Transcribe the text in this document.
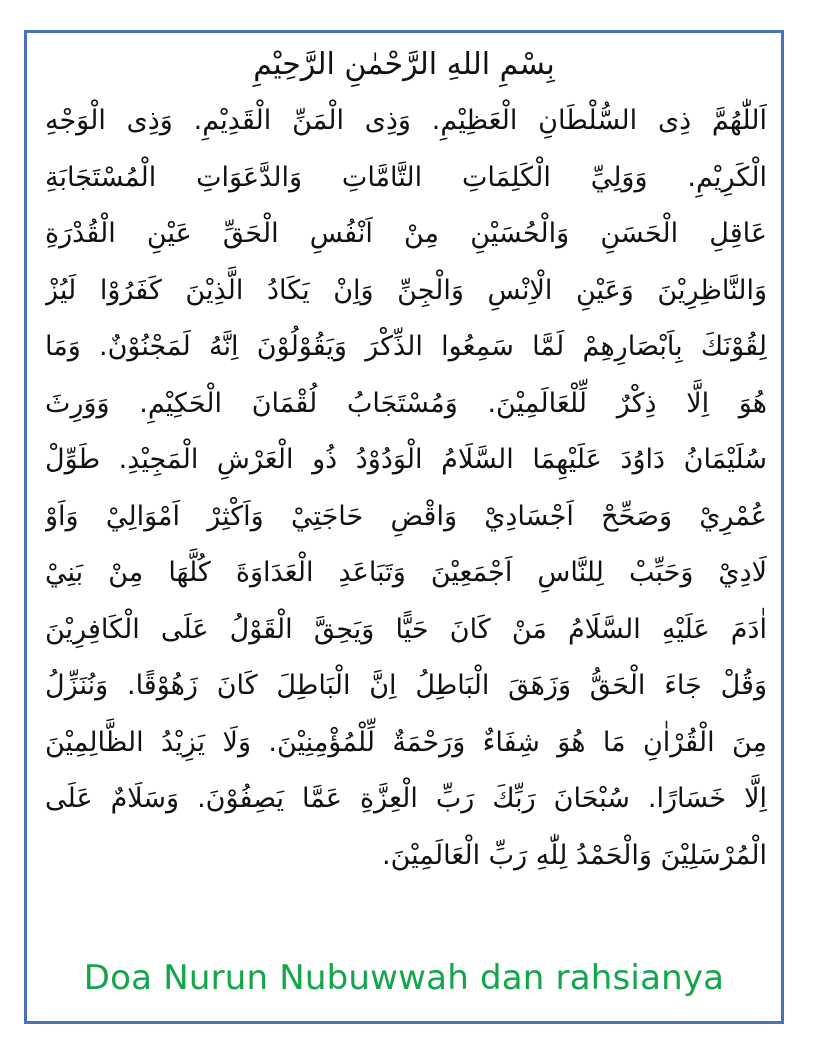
بِسْمِ اللهِ الرَّحْمٰنِ الرَّحِيْمِ
اَللّٰهُمَّ ذِى السُّلْطَانِ الْعَظِيْمِ. وَذِى الْمَنِّ الْقَدِيْمِ. وَذِى الْوَجْهِ
الْكَرِيْمِ. وَوَلِيِّ الْكَلِمَاتِ التَّامَّاتِ وَالدَّعَوَاتِ الْمُسْتَجَابَةِ
عَاقِلِ الْحَسَنِ وَالْحُسَيْنِ مِنْ اَنْفُسِ الْحَقِّ عَيْنِ الْقُدْرَةِ
وَالنَّاظِرِيْنَ وَعَيْنِ الْاِنْسِ وَالْجِنِّ وَاِنْ يَكَادُ الَّذِيْنَ كَفَرُوْا لَيُزْ
لِقُوْنَكَ بِاَبْصَارِهِمْ لَمَّا سَمِعُوا الذِّكْرَ وَيَقُوْلُوْنَ اِنَّهُ لَمَجْنُوْنٌ. وَمَا
هُوَ اِلَّا ذِكْرٌ لِّلْعَالَمِيْنَ. وَمُسْتَجَابُ لُقْمَانَ الْحَكِيْمِ. وَوَرِثَ
سُلَيْمَانُ دَاوُدَ عَلَيْهِمَا السَّلَامُ الْوَدُوْدُ ذُو الْعَرْشِ الْمَجِيْدِ. طَوِّلْ
عُمْرِيْ وَصَحِّحْ اَجْسَادِيْ وَاقْضِ حَاجَتِيْ وَاَكْثِرْ اَمْوَالِيْ وَاَوْ
لَادِيْ وَحَبِّبْ لِلنَّاسِ اَجْمَعِيْنَ وَتَبَاعَدِ الْعَدَاوَةَ كُلَّهَا مِنْ بَنِيْ
اٰدَمَ عَلَيْهِ السَّلَامُ مَنْ كَانَ حَيًّا وَيَحِقَّ الْقَوْلُ عَلَى الْكَافِرِيْنَ
وَقُلْ جَاءَ الْحَقُّ وَزَهَقَ الْبَاطِلُ اِنَّ الْبَاطِلَ كَانَ زَهُوْقًا. وَنُنَزِّلُ
مِنَ الْقُرْاٰنِ مَا هُوَ شِفَاءٌ وَرَحْمَةٌ لِّلْمُؤْمِنِيْنَ. وَلَا يَزِيْدُ الظَّالِمِيْنَ
اِلَّا خَسَارًا. سُبْحَانَ رَبِّكَ رَبِّ الْعِزَّةِ عَمَّا يَصِفُوْنَ. وَسَلَامٌ عَلَى
الْمُرْسَلِيْنَ وَالْحَمْدُ لِلّٰهِ رَبِّ الْعَالَمِيْنَ.
Doa Nurun Nubuwwah dan rahsianya
